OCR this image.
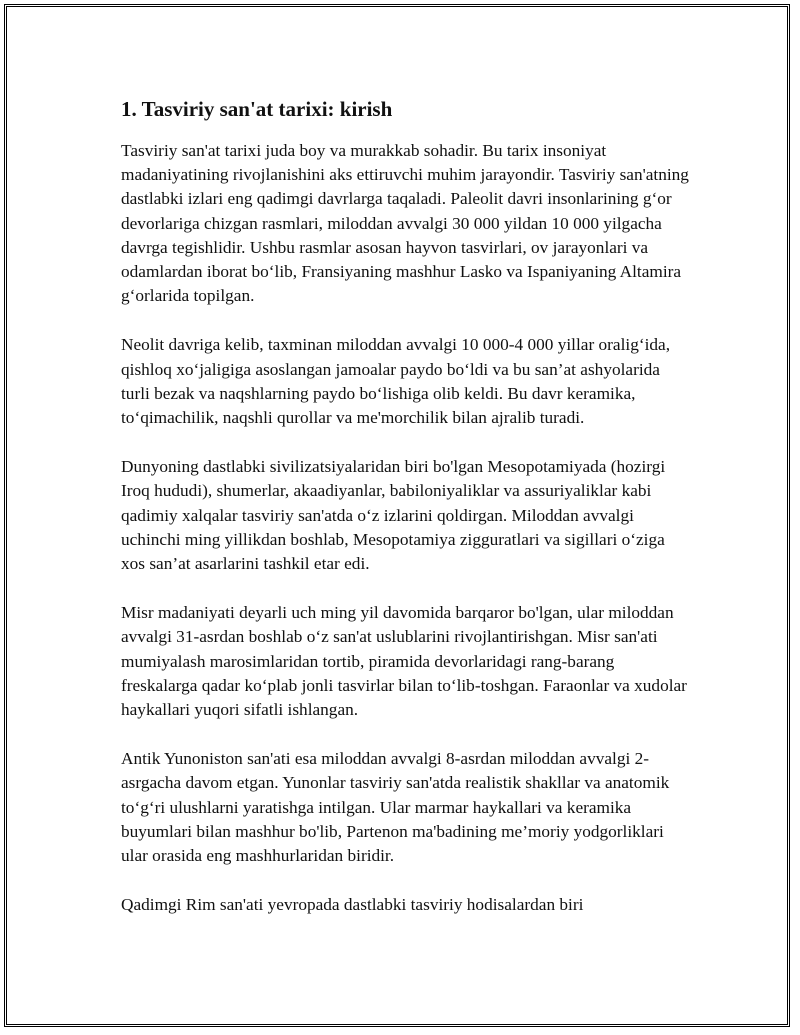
1. Tasviriy san'at tarixi: kirish

Tasviriy san'at tarixi juda boy va murakkab sohadir. Bu tarix insoniyat madaniyatining rivojlanishini aks ettiruvchi muhim jarayondir. Tasviriy san'atning dastlabki izlari eng qadimgi davrlarga taqaladi. Paleolit davri insonlarining g‘or devorlariga chizgan rasmlari, miloddan avvalgi 30 000 yildan 10 000 yilgacha davrga tegishlidir. Ushbu rasmlar asosan hayvon tasvirlari, ov jarayonlari va odamlardan iborat bo‘lib, Fransiyaning mashhur Lasko va Ispaniyaning Altamira g‘orlarida topilgan.

Neolit davriga kelib, taxminan miloddan avvalgi 10 000-4 000 yillar oralig‘ida, qishloq xo‘jaligiga asoslangan jamoalar paydo bo‘ldi va bu san’at ashyolarida turli bezak va naqshlarning paydo bo‘lishiga olib keldi. Bu davr keramika, to‘qimachilik, naqshli qurollar va me'morchilik bilan ajralib turadi.

Dunyoning dastlabki sivilizatsiyalaridan biri bo'lgan Mesopotamiyada (hozirgi Iroq hududi), shumerlar, akaadiyanlar, babiloniyaliklar va assuriyaliklar kabi qadimiy xalqalar tasviriy san'atda o‘z izlarini qoldirgan. Miloddan avvalgi uchinchi ming yillikdan boshlab, Mesopotamiya zigguratlari va sigillari o‘ziga xos san’at asarlarini tashkil etar edi.

Misr madaniyati deyarli uch ming yil davomida barqaror bo'lgan, ular miloddan avvalgi 31-asrdan boshlab o‘z san'at uslublarini rivojlantirishgan. Misr san'ati mumiyalash marosimlaridan tortib, piramida devorlaridagi rang-barang freskalarga qadar ko‘plab jonli tasvirlar bilan to‘lib-toshgan. Faraonlar va xudolar haykallari yuqori sifatli ishlangan.

Antik Yunoniston san'ati esa miloddan avvalgi 8-asrdan miloddan avvalgi 2-asrgacha davom etgan. Yunonlar tasviriy san'atda realistik shakllar va anatomik to‘g‘ri ulushlarni yaratishga intilgan. Ular marmar haykallari va keramika buyumlari bilan mashhur bo'lib, Partenon ma'badining me’moriy yodgorliklari ular orasida eng mashhurlaridan biridir.

Qadimgi Rim san'ati yevropada dastlabki tasviriy hodisalardan biri
